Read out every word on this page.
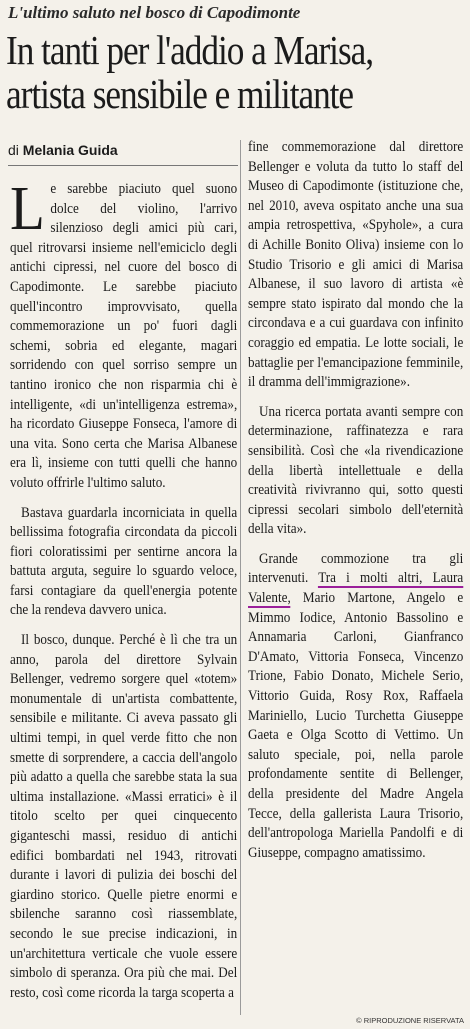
L'ultimo saluto nel bosco di Capodimonte
In tanti per l'addio a Marisa,
artista sensibile e militante
di Melania Guida

Le sarebbe piaciuto quel suono dolce del violino, l'arrivo silenzioso degli amici più cari, quel ritrovarsi insieme nell'emiciclo degli antichi cipressi, nel cuore del bosco di Capodimonte. Le sarebbe piaciuto quell'incontro improvvisato, quella commemorazione un po' fuori dagli schemi, sobria ed elegante, magari sorridendo con quel sorriso sempre un tantino ironico che non risparmia chi è intelligente, «di un'intelligenza estrema», ha ricordato Giuseppe Fonseca, l'amore di una vita. Sono certa che Marisa Albanese era lì, insieme con tutti quelli che hanno voluto offrirle l'ultimo saluto.

Bastava guardarla incorniciata in quella bellissima fotografia circondata da piccoli fiori coloratissimi per sentirne ancora la battuta arguta, seguire lo sguardo veloce, farsi contagiare da quell'energia potente che la rendeva davvero unica.

Il bosco, dunque. Perché è lì che tra un anno, parola del direttore Sylvain Bellenger, vedremo sorgere quel «totem» monumentale di un'artista combattente, sensibile e militante. Ci aveva passato gli ultimi tempi, in quel verde fitto che non smette di sorprendere, a caccia dell'angolo più adatto a quella che sarebbe stata la sua ultima installazione. «Massi erratici» è il titolo scelto per quei cinquecento giganteschi massi, residuo di antichi edifici bombardati nel 1943, ritrovati durante i lavori di pulizia dei boschi del giardino storico. Quelle pietre enormi e sbilenche saranno così riassemblate, secondo le sue precise indicazioni, in un'architettura verticale che vuole essere simbolo di speranza. Ora più che mai. Del resto, così come ricorda la targa scoperta a

fine commemorazione dal direttore Bellenger e voluta da tutto lo staff del Museo di Capodimonte (istituzione che, nel 2010, aveva ospitato anche una sua ampia retrospettiva, «Spyhole», a cura di Achille Bonito Oliva) insieme con lo Studio Trisorio e gli amici di Marisa Albanese, il suo lavoro di artista «è sempre stato ispirato dal mondo che la circondava e a cui guardava con infinito coraggio ed empatia. Le lotte sociali, le battaglie per l'emancipazione femminile, il dramma dell'immigrazione».

Una ricerca portata avanti sempre con determinazione, raffinatezza e rara sensibilità. Così che «la rivendicazione della libertà intellettuale e della creatività rivivranno qui, sotto questi cipressi secolari simbolo dell'eternità della vita».

Grande commozione tra gli intervenuti. Tra i molti altri, Laura Valente, Mario Martone, Angelo e Mimmo Iodice, Antonio Bassolino e Annamaria Carloni, Gianfranco D'Amato, Vittoria Fonseca, Vincenzo Trione, Fabio Donato, Michele Serio, Vittorio Guida, Rosy Rox, Raffaela Mariniello, Lucio Turchetta Giuseppe Gaeta e Olga Scotto di Vettimo. Un saluto speciale, poi, nella parole profondamente sentite di Bellenger, della presidente del Madre Angela Tecce, della gallerista Laura Trisorio, dell'antropologa Mariella Pandolfi e di Giuseppe, compagno amatissimo.

© RIPRODUZIONE RISERVATA
